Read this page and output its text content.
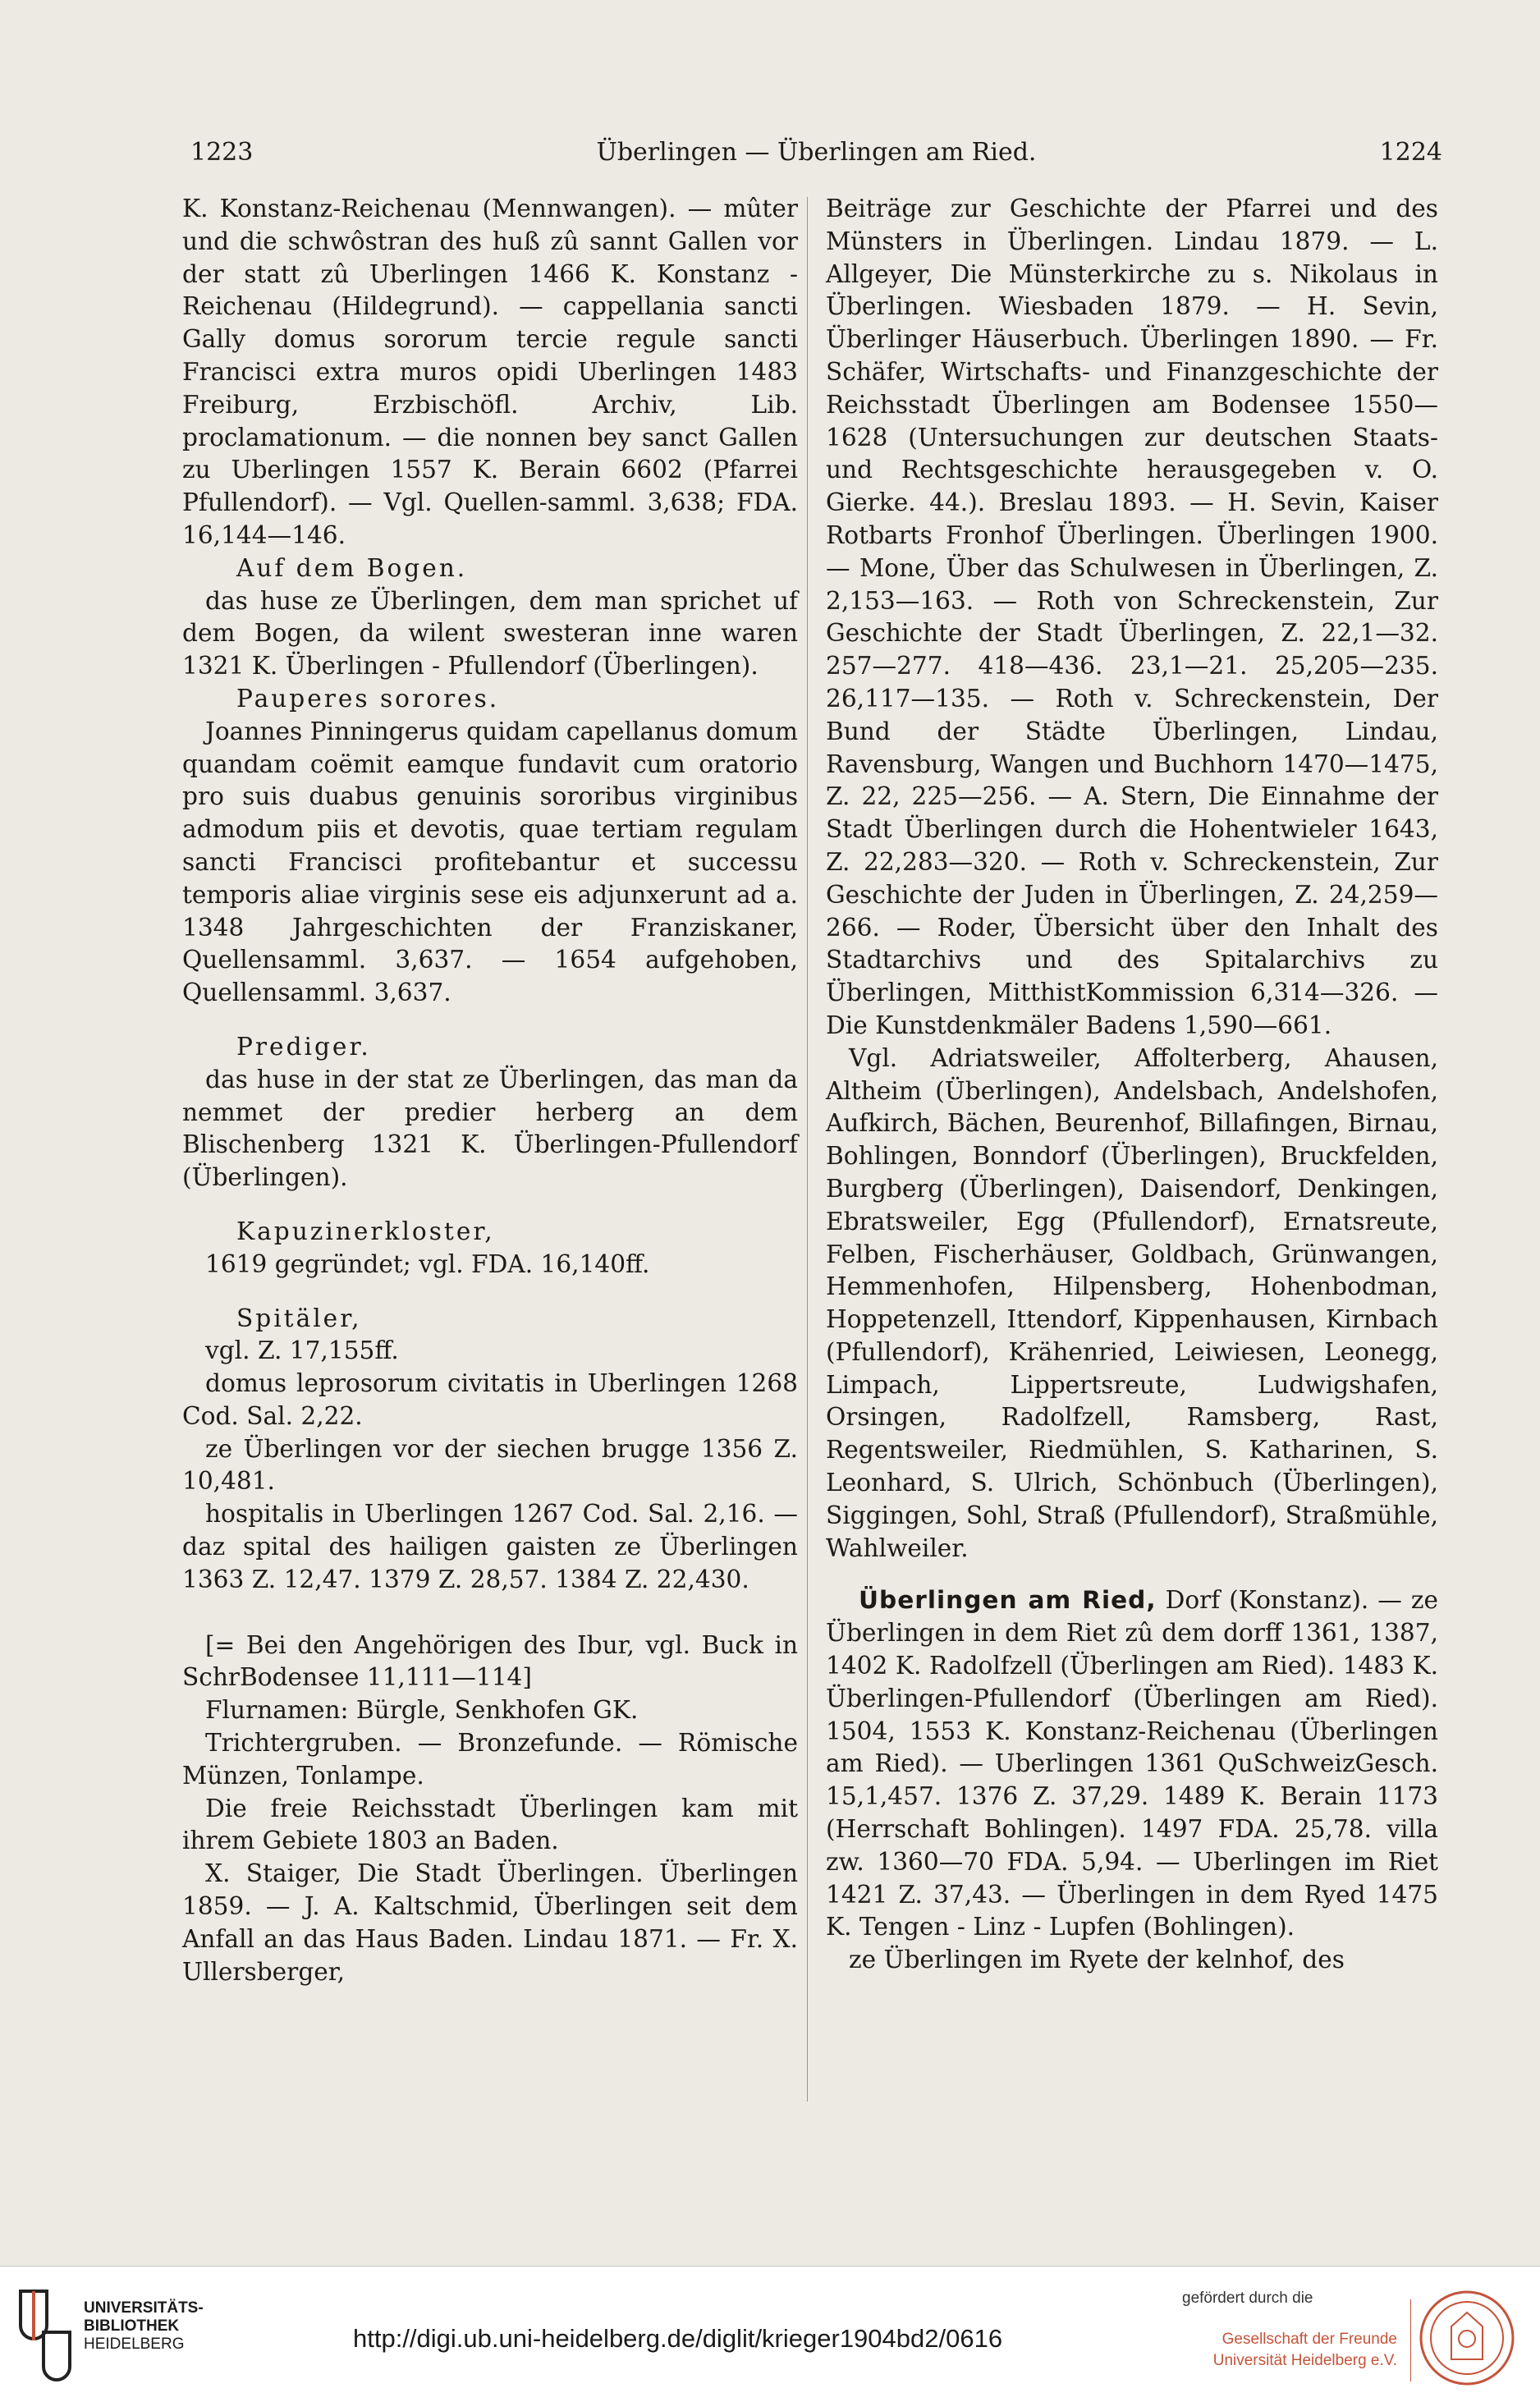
Überlingen — Überlingen am Ried.
1223	1224

K. Konstanz-Reichenau (Mennwangen). — mûter und die schwôstran des huß zû sannt Gallen vor der statt zû Uberlingen 1466 K. Konstanz - Reichenau (Hildegrund). — cappellania sancti Gally domus sororum tercie regule sancti Francisci extra muros opidi Uberlingen 1483 Freiburg, Erzbischöfl. Archiv, Lib. proclamationum. — die nonnen bey sanct Gallen zu Uberlingen 1557 K. Berain 6602 (Pfarrei Pfullendorf). — Vgl. Quellen-samml. 3,638; FDA. 16,144—146.

Auf dem Bogen.

das huse ze Überlingen, dem man sprichet uf dem Bogen, da wilent swesteran inne waren 1321 K. Überlingen - Pfullendorf (Überlingen).

Pauperes sorores.

Joannes Pinningerus quidam capellanus domum quandam coëmit eamque fundavit cum oratorio pro suis duabus genuinis sororibus virginibus admodum piis et devotis, quae tertiam regulam sancti Francisci profitebantur et successu temporis aliae virginis sese eis adjunxerunt ad a. 1348 Jahrgeschichten der Franziskaner, Quellensamml. 3,637. — 1654 aufgehoben, Quellensamml. 3,637.

Prediger.

das huse in der stat ze Überlingen, das man da nemmet der predier herberg an dem Blischenberg 1321 K. Überlingen-Pfullendorf (Überlingen).

Kapuzinerkloster,

1619 gegründet; vgl. FDA. 16,140ff.

Spitäler,

vgl. Z. 17,155ff.

domus leprosorum civitatis in Uberlingen 1268 Cod. Sal. 2,22.

ze Überlingen vor der siechen brugge 1356 Z. 10,481.

hospitalis in Uberlingen 1267 Cod. Sal. 2,16. — daz spital des hailigen gaisten ze Überlingen 1363 Z. 12,47. 1379 Z. 28,57. 1384 Z. 22,430.

[= Bei den Angehörigen des Ibur, vgl. Buck in SchrBodensee 11,111—114]

Flurnamen: Bürgle, Senkhofen GK.

Trichtergruben. — Bronzefunde. — Römische Münzen, Tonlampe.

Die freie Reichsstadt Überlingen kam mit ihrem Gebiete 1803 an Baden.

X. Staiger, Die Stadt Überlingen. Überlingen 1859. — J. A. Kaltschmid, Überlingen seit dem Anfall an das Haus Baden. Lindau 1871. — Fr. X. Ullersberger,

Beiträge zur Geschichte der Pfarrei und des Münsters in Überlingen. Lindau 1879. — L. Allgeyer, Die Münsterkirche zu s. Nikolaus in Überlingen. Wiesbaden 1879. — H. Sevin, Überlinger Häuserbuch. Überlingen 1890. — Fr. Schäfer, Wirtschafts- und Finanzgeschichte der Reichsstadt Überlingen am Bodensee 1550—1628 (Untersuchungen zur deutschen Staats- und Rechtsgeschichte herausgegeben v. O. Gierke. 44.). Breslau 1893. — H. Sevin, Kaiser Rotbarts Fronhof Überlingen. Überlingen 1900. — Mone, Über das Schulwesen in Überlingen, Z. 2,153—163. — Roth von Schreckenstein, Zur Geschichte der Stadt Überlingen, Z. 22,1—32. 257—277. 418—436. 23,1—21. 25,205—235. 26,117—135. — Roth v. Schreckenstein, Der Bund der Städte Überlingen, Lindau, Ravensburg, Wangen und Buchhorn 1470—1475, Z. 22, 225—256. — A. Stern, Die Einnahme der Stadt Überlingen durch die Hohentwieler 1643, Z. 22,283—320. — Roth v. Schreckenstein, Zur Geschichte der Juden in Überlingen, Z. 24,259—266. — Roder, Übersicht über den Inhalt des Stadtarchivs und des Spitalarchivs zu Überlingen, MitthistKommission 6,314—326. — Die Kunstdenkmäler Badens 1,590—661.

Vgl. Adriatsweiler, Affolterberg, Ahausen, Altheim (Überlingen), Andelsbach, Andelshofen, Aufkirch, Bächen, Beurenhof, Billafingen, Birnau, Bohlingen, Bonndorf (Überlingen), Bruckfelden, Burgberg (Überlingen), Daisendorf, Denkingen, Ebratsweiler, Egg (Pfullendorf), Ernatsreute, Felben, Fischerhäuser, Goldbach, Grünwangen, Hemmenhofen, Hilpensberg, Hohenbodman, Hoppetenzell, Ittendorf, Kippenhausen, Kirnbach (Pfullendorf), Krähenried, Leiwiesen, Leonegg, Limpach, Lippertsreute, Ludwigshafen, Orsingen, Radolfzell, Ramsberg, Rast, Regentsweiler, Riedmühlen, S. Katharinen, S. Leonhard, S. Ulrich, Schönbuch (Überlingen), Siggingen, Sohl, Straß (Pfullendorf), Straßmühle, Wahlweiler.

Überlingen am Ried, Dorf (Konstanz). — ze Überlingen in dem Riet zû dem dorff 1361, 1387, 1402 K. Radolfzell (Überlingen am Ried). 1483 K. Überlingen-Pfullendorf (Überlingen am Ried). 1504, 1553 K. Konstanz-Reichenau (Überlingen am Ried). — Uberlingen 1361 QuSchweizGesch. 15,1,457. 1376 Z. 37,29. 1489 K. Berain 1173 (Herrschaft Bohlingen). 1497 FDA. 25,78. villa zw. 1360—70 FDA. 5,94. — Uberlingen im Riet 1421 Z. 37,43. — Überlingen in dem Ryed 1475 K. Tengen - Linz - Lupfen (Bohlingen).

ze Überlingen im Ryete der kelnhof, des

UNIVERSITÄTS-
BIBLIOTHEK
HEIDELBERG	http://digi.ub.uni-heidelberg.de/diglit/krieger1904bd2/0616
gefördert durch die
Gesellschaft der Freunde
Universität Heidelberg e.V.
